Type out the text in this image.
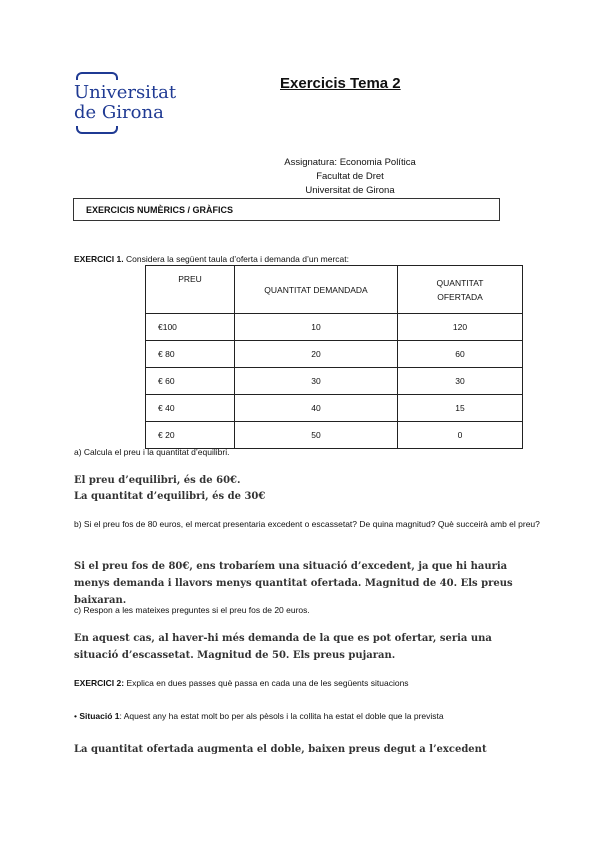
Universitat
de Girona
Exercicis Tema 2
Assignatura: Economia Política
Facultat de Dret
Universitat de Girona
EXERCICIS NUMÈRICS / GRÀFICS
EXERCICI 1. Considera la següent taula d’oferta i demanda d’un mercat:
PREU	QUANTITAT DEMANDADA	QUANTITAT OFERTADA
€100	10	120
€ 80	20	60
€ 60	30	30
€ 40	40	15
€ 20	50	0
a) Calcula el preu i la quantitat d’equilibri.
El preu d’equilibri, és de 60€.
La quantitat d’equilibri, és de 30€
b) Si el preu fos de 80 euros, el mercat presentaria excedent o escassetat? De quina magnitud? Què succeirà amb el preu?
Si el preu fos de 80€, ens trobaríem una situació d’excedent, ja que hi hauria menys demanda i llavors menys quantitat ofertada. Magnitud de 40. Els preus baixaran.
c) Respon a les mateixes preguntes si el preu fos de 20 euros.
En aquest cas, al haver-hi més demanda de la que es pot ofertar, seria una situació d’escassetat. Magnitud de 50. Els preus pujaran.
EXERCICI 2: Explica en dues passes què passa en cada una de les següents situacions
• Situació 1: Aquest any ha estat molt bo per als pèsols i la collita ha estat el doble que la prevista
La quantitat ofertada augmenta el doble, baixen preus degut a l’excedent
